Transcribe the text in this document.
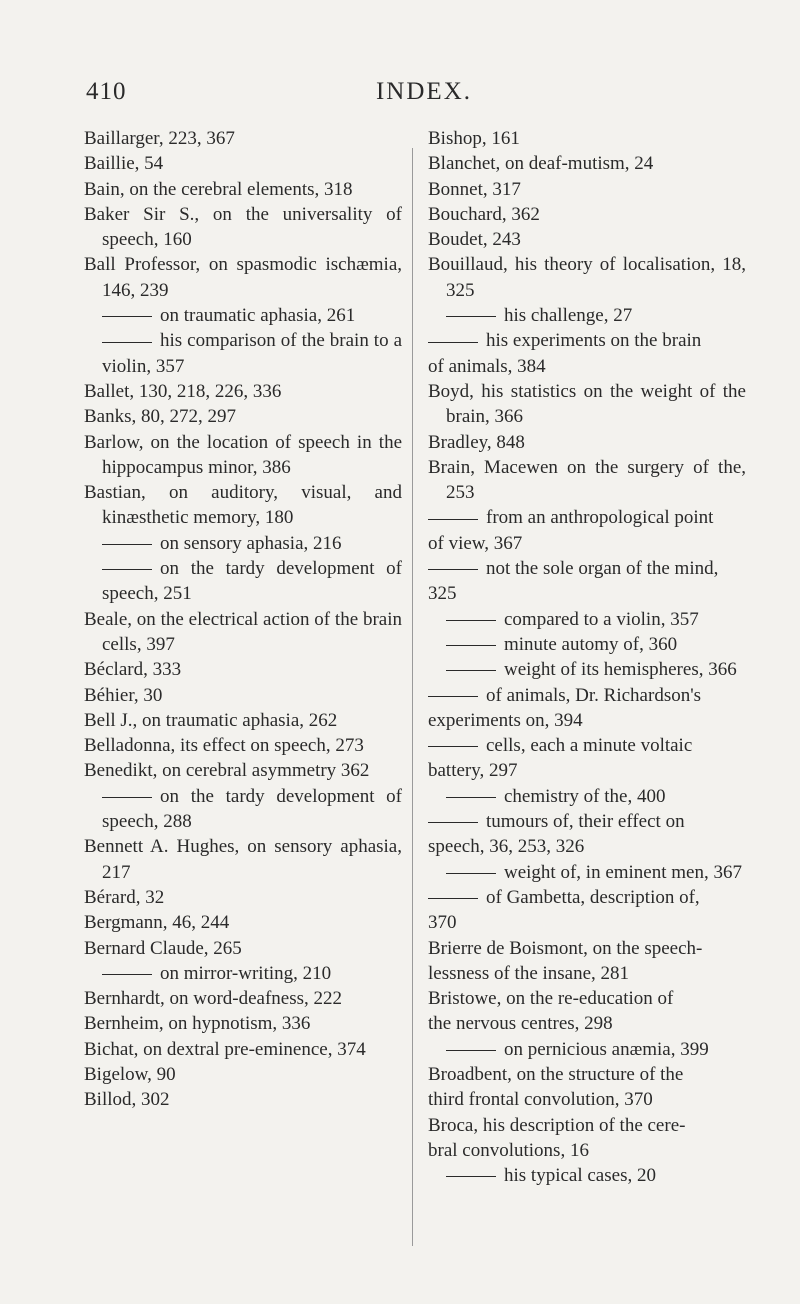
410	INDEX.

Baillarger, 223, 367

Baillie, 54

Bain, on the cerebral elements, 318

Baker Sir S., on the universality of speech, 160

Ball Professor, on spasmodic ischæmia, 146, 239

on traumatic aphasia, 261

his comparison of the brain to a violin, 357

Ballet, 130, 218, 226, 336

Banks, 80, 272, 297

Barlow, on the location of speech in the hippocampus minor, 386

Bastian, on auditory, visual, and kinæsthetic memory, 180

on sensory aphasia, 216

on the tardy development of speech, 251

Beale, on the electrical action of the brain cells, 397

Béclard, 333

Béhier, 30

Bell J., on traumatic aphasia, 262

Belladonna, its effect on speech, 273

Benedikt, on cerebral asymmetry 362

on the tardy development of speech, 288

Bennett A. Hughes, on sensory aphasia, 217

Bérard, 32

Bergmann, 46, 244

Bernard Claude, 265

on mirror-writing, 210

Bernhardt, on word-deafness, 222

Bernheim, on hypnotism, 336

Bichat, on dextral pre-eminence, 374

Bigelow, 90

Billod, 302

Bishop, 161

Blanchet, on deaf-mutism, 24

Bonnet, 317

Bouchard, 362

Boudet, 243

Bouillaud, his theory of localisation, 18, 325

his challenge, 27

his experiments on the brain
of animals, 384

Boyd, his statistics on the weight of the brain, 366

Bradley, 848

Brain, Macewen on the surgery of the, 253

from an anthropological point
of view, 367

not the sole organ of the mind,
325

compared to a violin, 357

minute automy of, 360

weight of its hemispheres, 366

of animals, Dr. Richardson's
experiments on, 394

cells, each a minute voltaic
battery, 297

chemistry of the, 400

tumours of, their effect on
speech, 36, 253, 326

weight of, in eminent men, 367

of Gambetta, description of,
370

Brierre de Boismont, on the speech-
lessness of the insane, 281

Bristowe, on the re-education of
the nervous centres, 298

on pernicious anæmia, 399

Broadbent, on the structure of the
third frontal convolution, 370

Broca, his description of the cere-
bral convolutions, 16

his typical cases, 20
